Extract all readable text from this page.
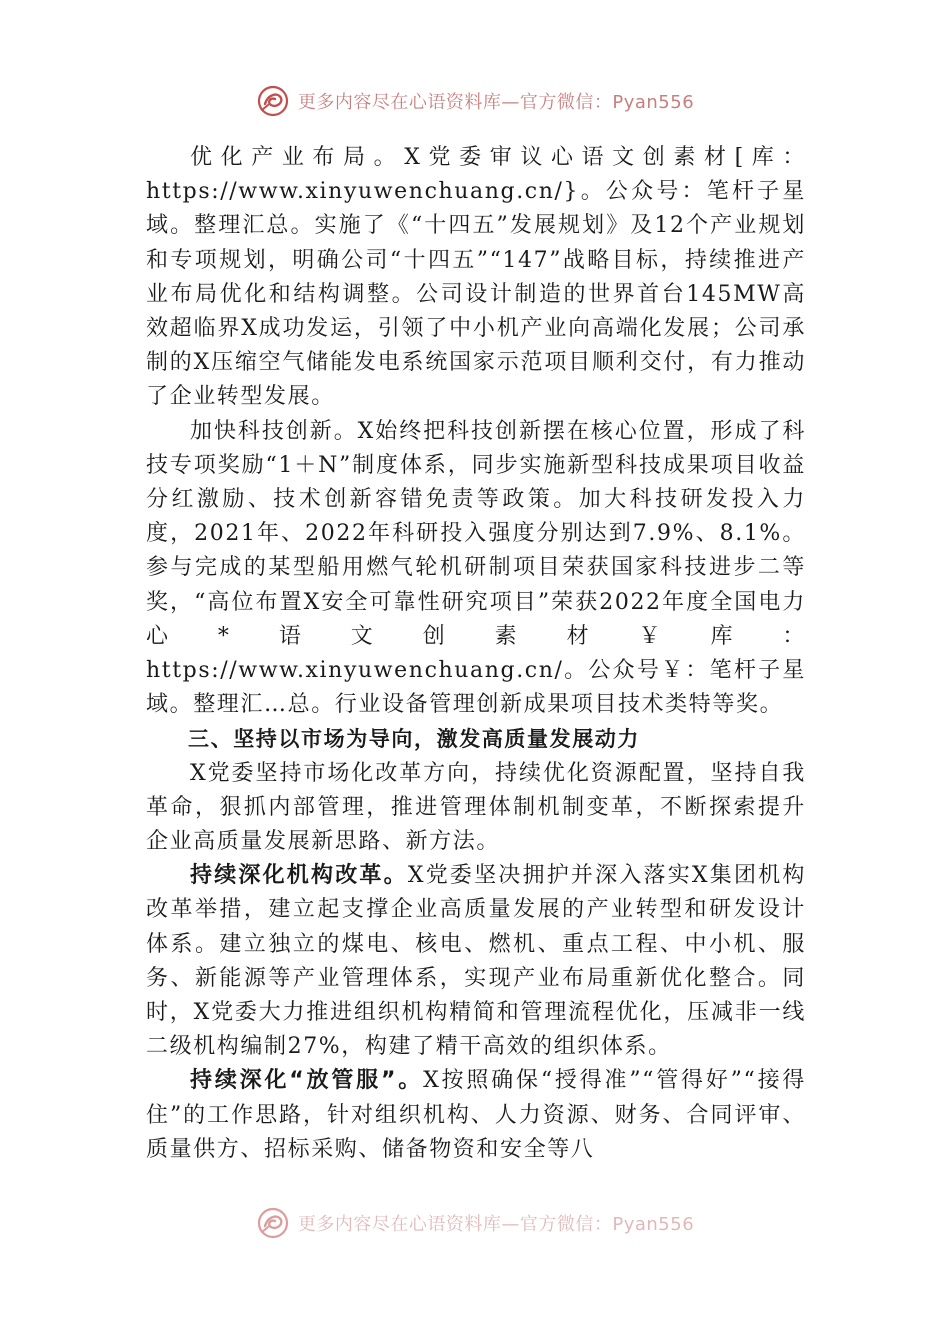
更多内容尽在心语资料库—官方微信：Pyan556

优化产业布局。X党委审议心语文创素材[库：https://www.xinyuwenchuang.cn/}。公众号：笔杆子星域。整理汇总。实施了《“十四五”发展规划》及12个产业规划和专项规划，明确公司“十四五”“147”战略目标，持续推进产业布局优化和结构调整。公司设计制造的世界首台145MW高效超临界X成功发运，引领了中小机产业向高端化发展；公司承制的X压缩空气储能发电系统国家示范项目顺利交付，有力推动了企业转型发展。

加快科技创新。X始终把科技创新摆在核心位置，形成了科技专项奖励“1＋N”制度体系，同步实施新型科技成果项目收益分红激励、技术创新容错免责等政策。加大科技研发投入力度，2021年、2022年科研投入强度分别达到7.9%、8.1%。参与完成的某型船用燃气轮机研制项目荣获国家科技进步二等奖，“高位布置X安全可靠性研究项目”荣获2022年度全国电力心*语文创素材￥库：https://www.xinyuwenchuang.cn/。公众号￥：笔杆子星域。整理汇…总。行业设备管理创新成果项目技术类特等奖。

三、坚持以市场为导向，激发高质量发展动力

X党委坚持市场化改革方向，持续优化资源配置，坚持自我革命，狠抓内部管理，推进管理体制机制变革，不断探索提升企业高质量发展新思路、新方法。

持续深化机构改革。X党委坚决拥护并深入落实X集团机构改革举措，建立起支撑企业高质量发展的产业转型和研发设计体系。建立独立的煤电、核电、燃机、重点工程、中小机、服务、新能源等产业管理体系，实现产业布局重新优化整合。同时，X党委大力推进组织机构精简和管理流程优化，压减非一线二级机构编制27%，构建了精干高效的组织体系。

持续深化“放管服”。X按照确保“授得准”“管得好”“接得住”的工作思路，针对组织机构、人力资源、财务、合同评审、质量供方、招标采购、储备物资和安全等八

更多内容尽在心语资料库—官方微信：Pyan556
